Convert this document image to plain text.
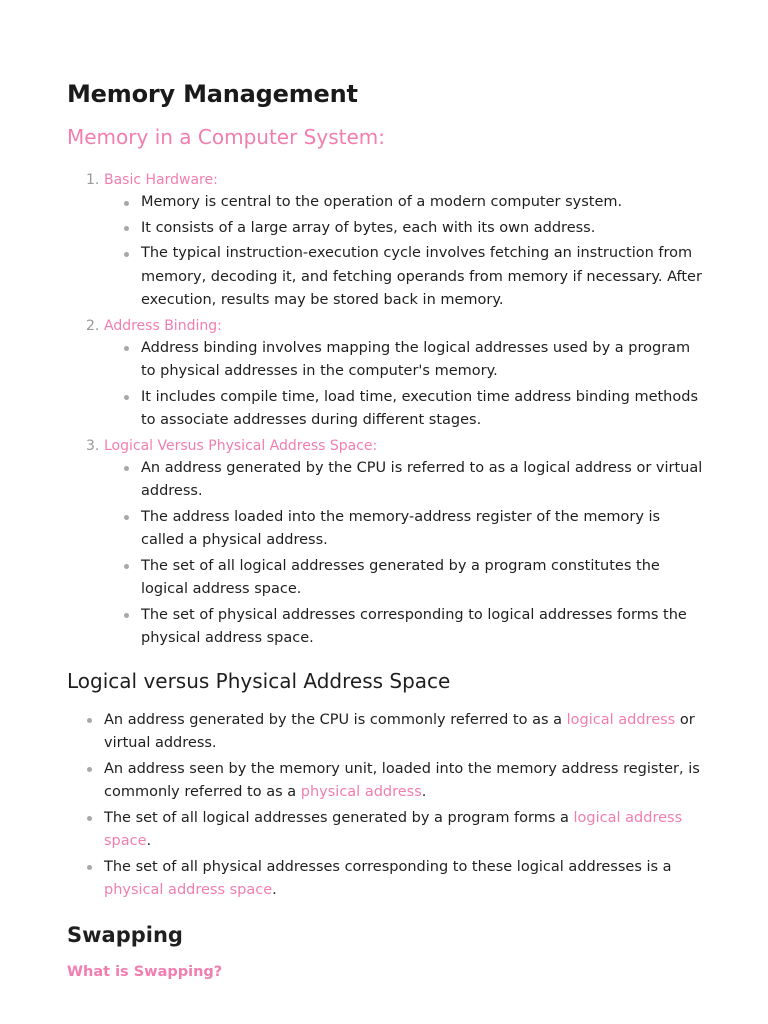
Memory Management
Memory in a Computer System:
1. Basic Hardware:
Memory is central to the operation of a modern computer system.
It consists of a large array of bytes, each with its own address.
The typical instruction-execution cycle involves fetching an instruction from memory, decoding it, and fetching operands from memory if necessary. After execution, results may be stored back in memory.
2. Address Binding:
Address binding involves mapping the logical addresses used by a program to physical addresses in the computer's memory.
It includes compile time, load time, execution time address binding methods to associate addresses during different stages.
3. Logical Versus Physical Address Space:
An address generated by the CPU is referred to as a logical address or virtual address.
The address loaded into the memory-address register of the memory is called a physical address.
The set of all logical addresses generated by a program constitutes the logical address space.
The set of physical addresses corresponding to logical addresses forms the physical address space.
Logical versus Physical Address Space
An address generated by the CPU is commonly referred to as a logical address or virtual address.
An address seen by the memory unit, loaded into the memory address register, is commonly referred to as a physical address.
The set of all logical addresses generated by a program forms a logical address space.
The set of all physical addresses corresponding to these logical addresses is a physical address space.
Swapping
What is Swapping?
